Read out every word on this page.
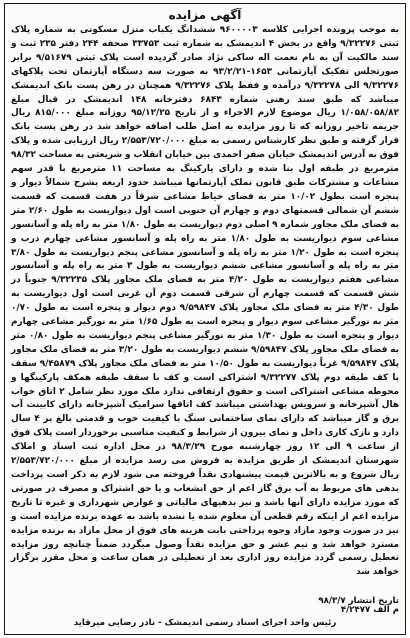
آگهی مزایده
به موجب پرونده اجرایی کلاسه ۹۶۰۰۰۰۳ ششدانگ یکباب منزل مسکونی به شماره پلاک ثبتی ۹/۳۲۲۷۶ واقع در بخش ۴ اندیمشک به شماره ثبت ۳۳۷۵۳ صحفه ۲۴۴ دفتر ۲۳۵ ثبت و سند مالکیت آن به نام نعمت اله ساکی نژاد صادر گردیده است پلاک ثبتی ۹/۵۱۶۷۹ برابر صورتجلس تفکیک آپارتمانی ۱۶۵۳-۹۳/۲/۲۱ به صورت سه دستگاه آپارتمان تحت پلاکهای ۹/۳۲۲۷۶ الی ۹/۳۲۲۷۸ درآمده و فقط پلاک ۹/۳۲۲۷۶ همچنان در رهن پست بانک اندیمشک میباشد که طبق سند رهنی شماره ۶۸۴۳ دفترخانه ۱۴۸ اندیمشک در قبال مبلغ ۱/۰۵۸/۰۵۸/۸۲ ریال موضوع لازم الاجراء و از تاریخ ۹۵/۱۲/۲۵ روزانه مبلغ ۸۱۵/۰۰۰ ریال جریمه تاخیر روزانه که تا روز مزایده به اصل طلب اضافه خواهد شد در رهن پست بانک قرار گرفته و طبق نظر کارشناس رسمی به مبلغ ۲/۵۵۳/۷۲۰/۰۰۰ ریال ارزیابی شده و پلاک فوق به آدرس اندیمشک خیابان صفر احمدی بین خیابان انقلاب و شریعتی به مساحت ۹۸/۳۲ مترمربع در طبقه اول بنا شده و دارای پارکینگ به مساحت ۱۱ مترمربع با قدر سهم مشاعات و مشترکات طبق قانون تملک آپارتمانها میباشد حدود اربعه بشرح شمالاً دیوار و پنجره است بطول ۱۰/۰۲ متر به فضای حیاط مشاعی شرقاً در هفت قسمت که قسمت ششم آن شمالی قسمتهای دوم و چهارم آن جنوبی است اول دیواریست به طول ۲/۶۰ متر به فضای ملک مجاور شماره ۹ اصلی دوم دیواریست به طول ۱/۸۰ متر به راه پله و آسانسور مشاعی سوم دیواریست به طول ۱/۸۰ متر به راه پله و آسانسور مشاعی چهارم درب و پنجره است به طول ۱/۲۰ متر به راه پله و آسانسور مشاعی پنجم دیواریست به طول ۳/۸۰ متر به راه پله و آسانسور مشاعی ششم دیواریست به طول ۳ متر به راه پله و آسانسور مشاعی هفتم دیواریست به طول ۴/۲۰ متر به فضای ملک مجاور پلاک ۹/۳۲۲۳۵ جنوباً در شش قسمت که قسمت چهارم آن شرقی قسمت دوم آن غربی است اول دیواریست به طول ۴/۳۰ متر به فضای ملک مجاور پلاک ۹/۵۹۸۴۷ دوم دیوار و پنجره است به طول ۰/۷۰ متر به نورگیر مشاعی سوم دیوار و پنجره است به طول ۱/۶۵ متر به نورگیر مشاعی چهارم دیوار و پنجره است به طول ۱/۳۰ متر به نورگیر مشاعی پنجم دیواریست به طول ۰/۸۰ متر به فضای ملک مجاور پلاک ۹/۵۹۸۴۷ ششم دیواریست به طول ۳/۲۰ متر به فضای ملک مجاور پلاک ۹/۵۹۸۴۷ غرباً دیواریست به طول ۱۰/۵۰ متر به فضای ملک مجاور پلاک ۹/۴۵۸۷۹ سقف با کف طبقه دوم پلاک ۹/۳۲۲۷۷ اشتراکی است و کف با سقف طبقه همکف پارکینگها و محوطه مشاعی اشتراکی است و حقوق ارتفاقی ندارد ملک مورد نظر شامل ۲ اتاق خواب هال آشپزخانه و سرویس بهداشتی میباشد کف اتاقها سرامیک آشپزخانه دارای کابینت آب برق و گاز میباشد که دارای نمای ساختمانی سنگ با کیفیت خوب و قدمتی بالغ بر ۴ سال دارد و نازک کاری داخل و نمای بیرون از شرایط و کیفیت مناسبی برخوردار است پلاک فوق از ساعت ۹ الی ۱۲ روز چهارشنبه مورخ ۹۸/۳/۲۹ در محل اداره ثبت اسناد و املاک شهرستان اندیمشک از طریق مزایده به فروش می رسد مزایده از مبلغ ۲/۵۵۳/۷۲۰/۰۰۰ ریال شروع و به بالاترین قیمت پیشنهادی نقداً فروخته می شود لازم به ذکر است پرداخت بدهی های مربوط به آب برق گاز اعم از حق انشعاب و یا حق اشتراک و مصرف در صورتی که مورد مزایده دارای آنها باشد و نیز بدهیهای مالیاتی و عوارض شهرداری و غیره تا تاریخ مزایده اعم از اینکه رقم قطعی آن معلوم شده یا نشده باشد به عهده برنده مزایده است و نیز در صورت وجود مازاد وجوه پرداختی بابت هزینه های فوق از محل مازاد به برنده مزایده مسترد خواهد شد و نیم عشر و حق مزایده نقداً وصول میگردد ضمناً چنانچه روز مزایده تعطیل رسمی گردد مزایده روز اداری بعد از تعطیلی در همان ساعت و محل مقرر برگزار خواهد شد
تاریخ انتشار ۹۸/۳/۷
م الف ۴/۲۴۷۷
رئیس واحد اجرای اسناد رسمی اندیمشک - نادر رضایی میرقاید
